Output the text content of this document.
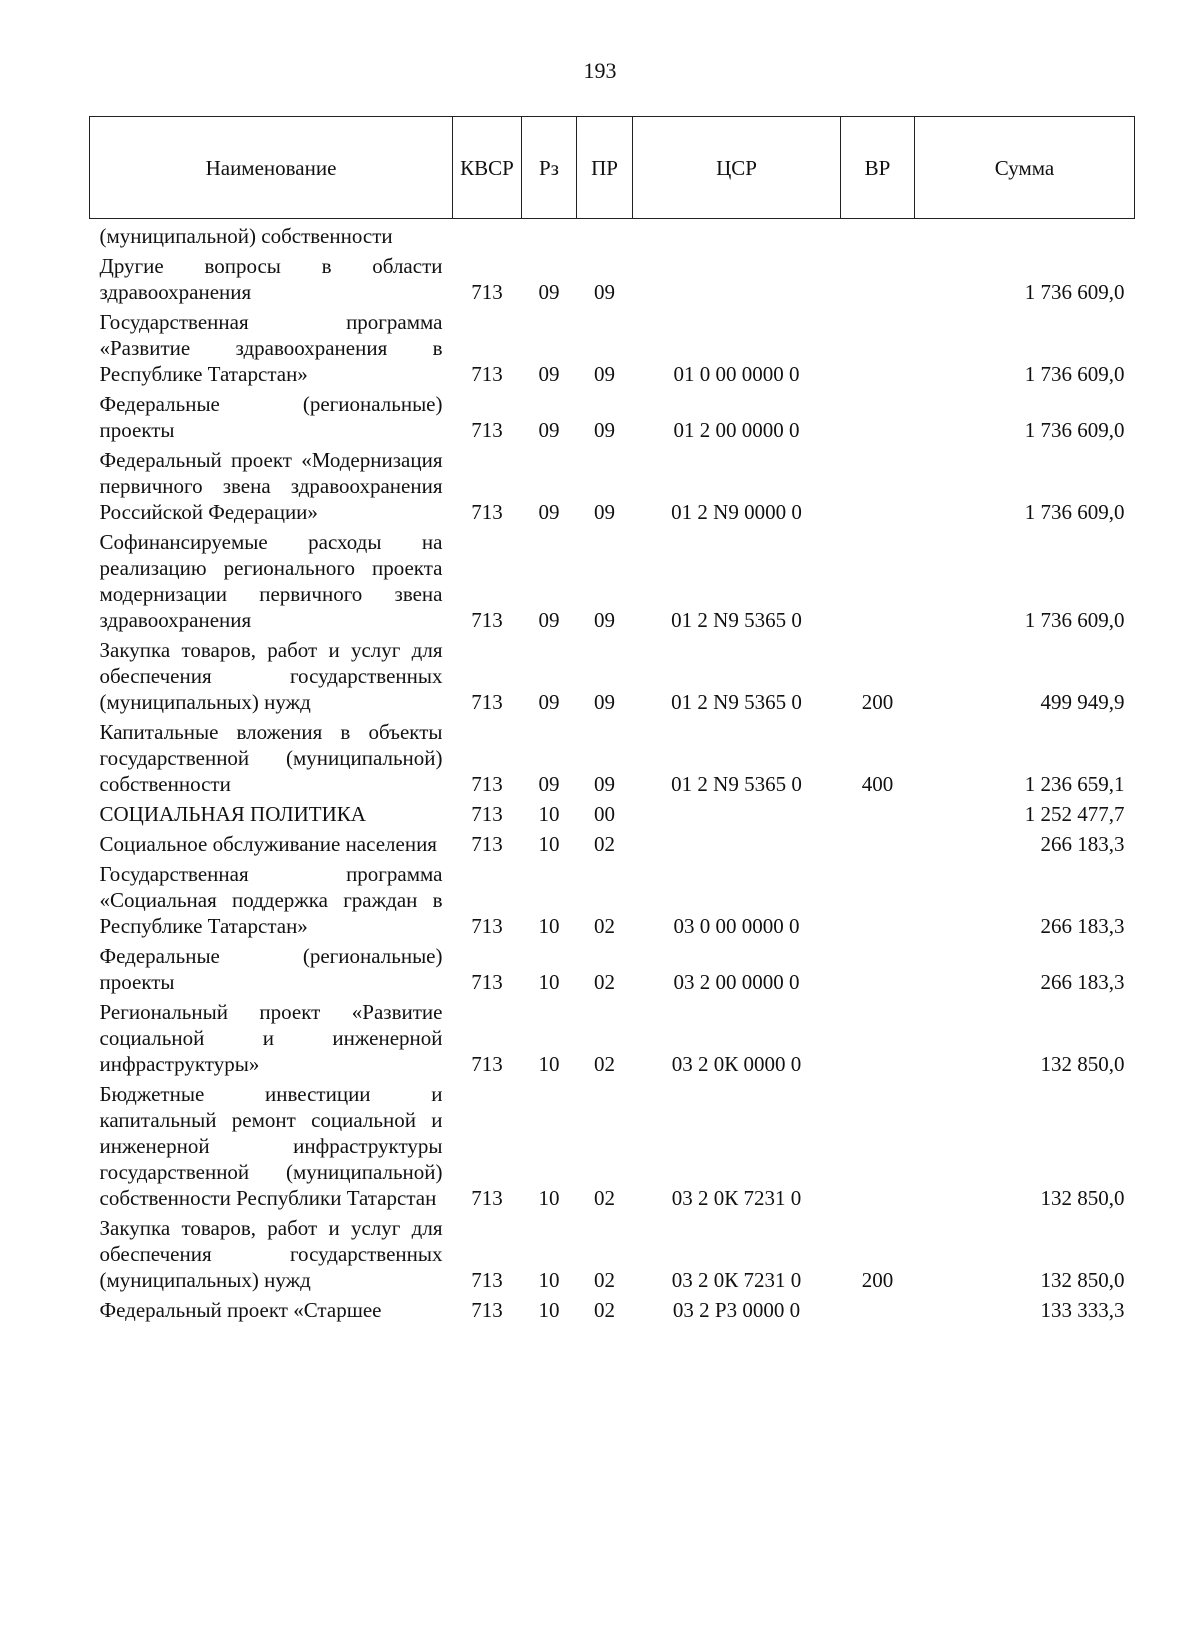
193
Наименование	КВСР	Рз	ПР	ЦСР	ВР	Сумма
(муниципальной) собственности						
Другие вопросы в области здравоохранения	713	09	09			1 736 609,0
Государственная программа «Развитие здравоохранения в Республике Татарстан»	713	09	09	01 0 00 0000 0		1 736 609,0
Федеральные (региональные) проекты	713	09	09	01 2 00 0000 0		1 736 609,0
Федеральный проект «Модернизация первичного звена здравоохранения Российской Федерации»	713	09	09	01 2 N9 0000 0		1 736 609,0
Софинансируемые расходы на реализацию регионального проекта модернизации первичного звена здравоохранения	713	09	09	01 2 N9 5365 0		1 736 609,0
Закупка товаров, работ и услуг для обеспечения государственных (муниципальных) нужд	713	09	09	01 2 N9 5365 0	200	499 949,9
Капитальные вложения в объекты государственной (муниципальной) собственности	713	09	09	01 2 N9 5365 0	400	1 236 659,1
СОЦИАЛЬНАЯ ПОЛИТИКА	713	10	00			1 252 477,7
Социальное обслуживание населения	713	10	02			266 183,3
Государственная программа «Социальная поддержка граждан в Республике Татарстан»	713	10	02	03 0 00 0000 0		266 183,3
Федеральные (региональные) проекты	713	10	02	03 2 00 0000 0		266 183,3
Региональный проект «Развитие социальной и инженерной инфраструктуры»	713	10	02	03 2 0К 0000 0		132 850,0
Бюджетные инвестиции и капитальный ремонт социальной и инженерной инфраструктуры государственной (муниципальной) собственности Республики Татарстан	713	10	02	03 2 0К 7231 0		132 850,0
Закупка товаров, работ и услуг для обеспечения государственных (муниципальных) нужд	713	10	02	03 2 0К 7231 0	200	132 850,0
Федеральный проект «Старшее	713	10	02	03 2 Р3 0000 0		133 333,3
